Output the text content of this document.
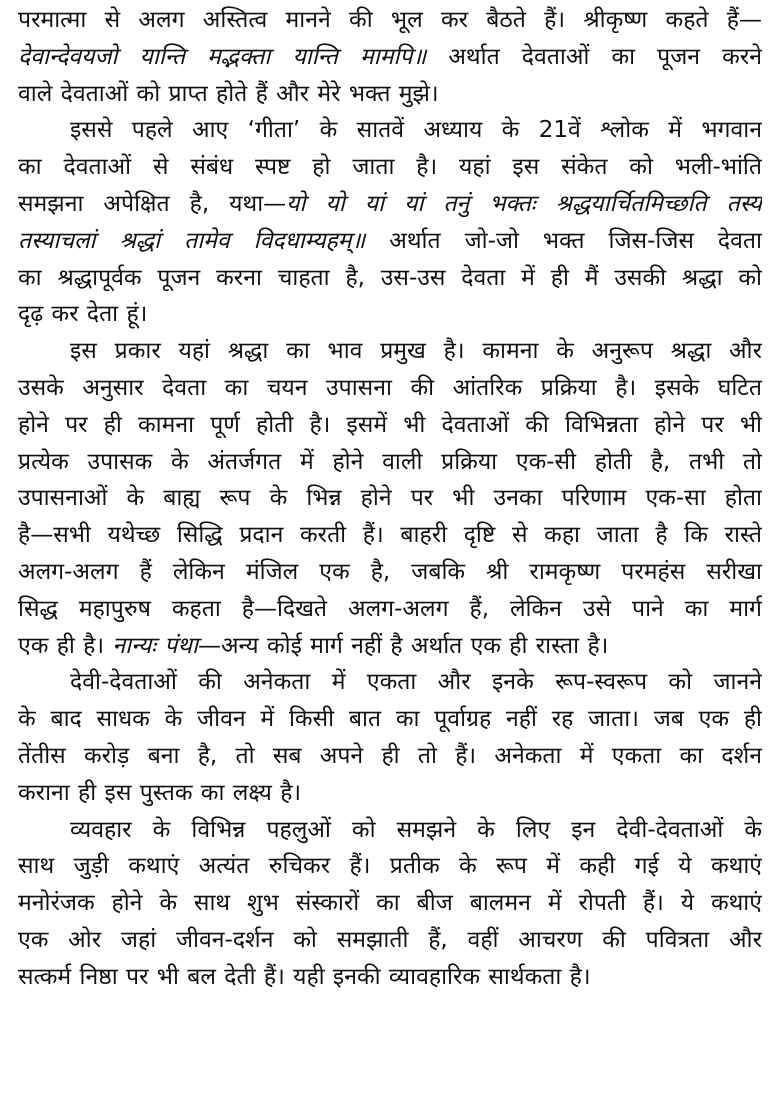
परमात्मा से अलग अस्तित्व मानने की भूल कर बैठते हैं। श्रीकृष्ण कहते हैं—
देवान्देवयजो यान्ति मद्भक्ता यान्ति मामपि॥ अर्थात देवताओं का पूजन करने
वाले देवताओं को प्राप्त होते हैं और मेरे भक्त मुझे।
इससे पहले आए ‘गीता’ के सातवें अध्याय के 21वें श्लोक में भगवान
का देवताओं से संबंध स्पष्ट हो जाता है। यहां इस संकेत को भली-भांति
समझना अपेक्षित है, यथा—यो यो यां यां तनुं भक्तः श्रद्धयार्चितमिच्छति तस्य
तस्याचलां श्रद्धां तामेव विदधाम्यहम्॥ अर्थात जो-जो भक्त जिस-जिस देवता
का श्रद्धापूर्वक पूजन करना चाहता है, उस-उस देवता में ही मैं उसकी श्रद्धा को
दृढ़ कर देता हूं।
इस प्रकार यहां श्रद्धा का भाव प्रमुख है। कामना के अनुरूप श्रद्धा और
उसके अनुसार देवता का चयन उपासना की आंतरिक प्रक्रिया है। इसके घटित
होने पर ही कामना पूर्ण होती है। इसमें भी देवताओं की विभिन्नता होने पर भी
प्रत्येक उपासक के अंतर्जगत में होने वाली प्रक्रिया एक-सी होती है, तभी तो
उपासनाओं के बाह्य रूप के भिन्न होने पर भी उनका परिणाम एक-सा होता
है—सभी यथेच्छ सिद्धि प्रदान करती हैं। बाहरी दृष्टि से कहा जाता है कि रास्ते
अलग-अलग हैं लेकिन मंजिल एक है, जबकि श्री रामकृष्ण परमहंस सरीखा
सिद्ध महापुरुष कहता है—दिखते अलग-अलग हैं, लेकिन उसे पाने का मार्ग
एक ही है। नान्यः पंथा—अन्य कोई मार्ग नहीं है अर्थात एक ही रास्ता है।
देवी-देवताओं की अनेकता में एकता और इनके रूप-स्वरूप को जानने
के बाद साधक के जीवन में किसी बात का पूर्वाग्रह नहीं रह जाता। जब एक ही
तेंतीस करोड़ बना है, तो सब अपने ही तो हैं। अनेकता में एकता का दर्शन
कराना ही इस पुस्तक का लक्ष्य है।
व्यवहार के विभिन्न पहलुओं को समझने के लिए इन देवी-देवताओं के
साथ जुड़ी कथाएं अत्यंत रुचिकर हैं। प्रतीक के रूप में कही गई ये कथाएं
मनोरंजक होने के साथ शुभ संस्कारों का बीज बालमन में रोपती हैं। ये कथाएं
एक ओर जहां जीवन-दर्शन को समझाती हैं, वहीं आचरण की पवित्रता और
सत्कर्म निष्ठा पर भी बल देती हैं। यही इनकी व्यावहारिक सार्थकता है।
